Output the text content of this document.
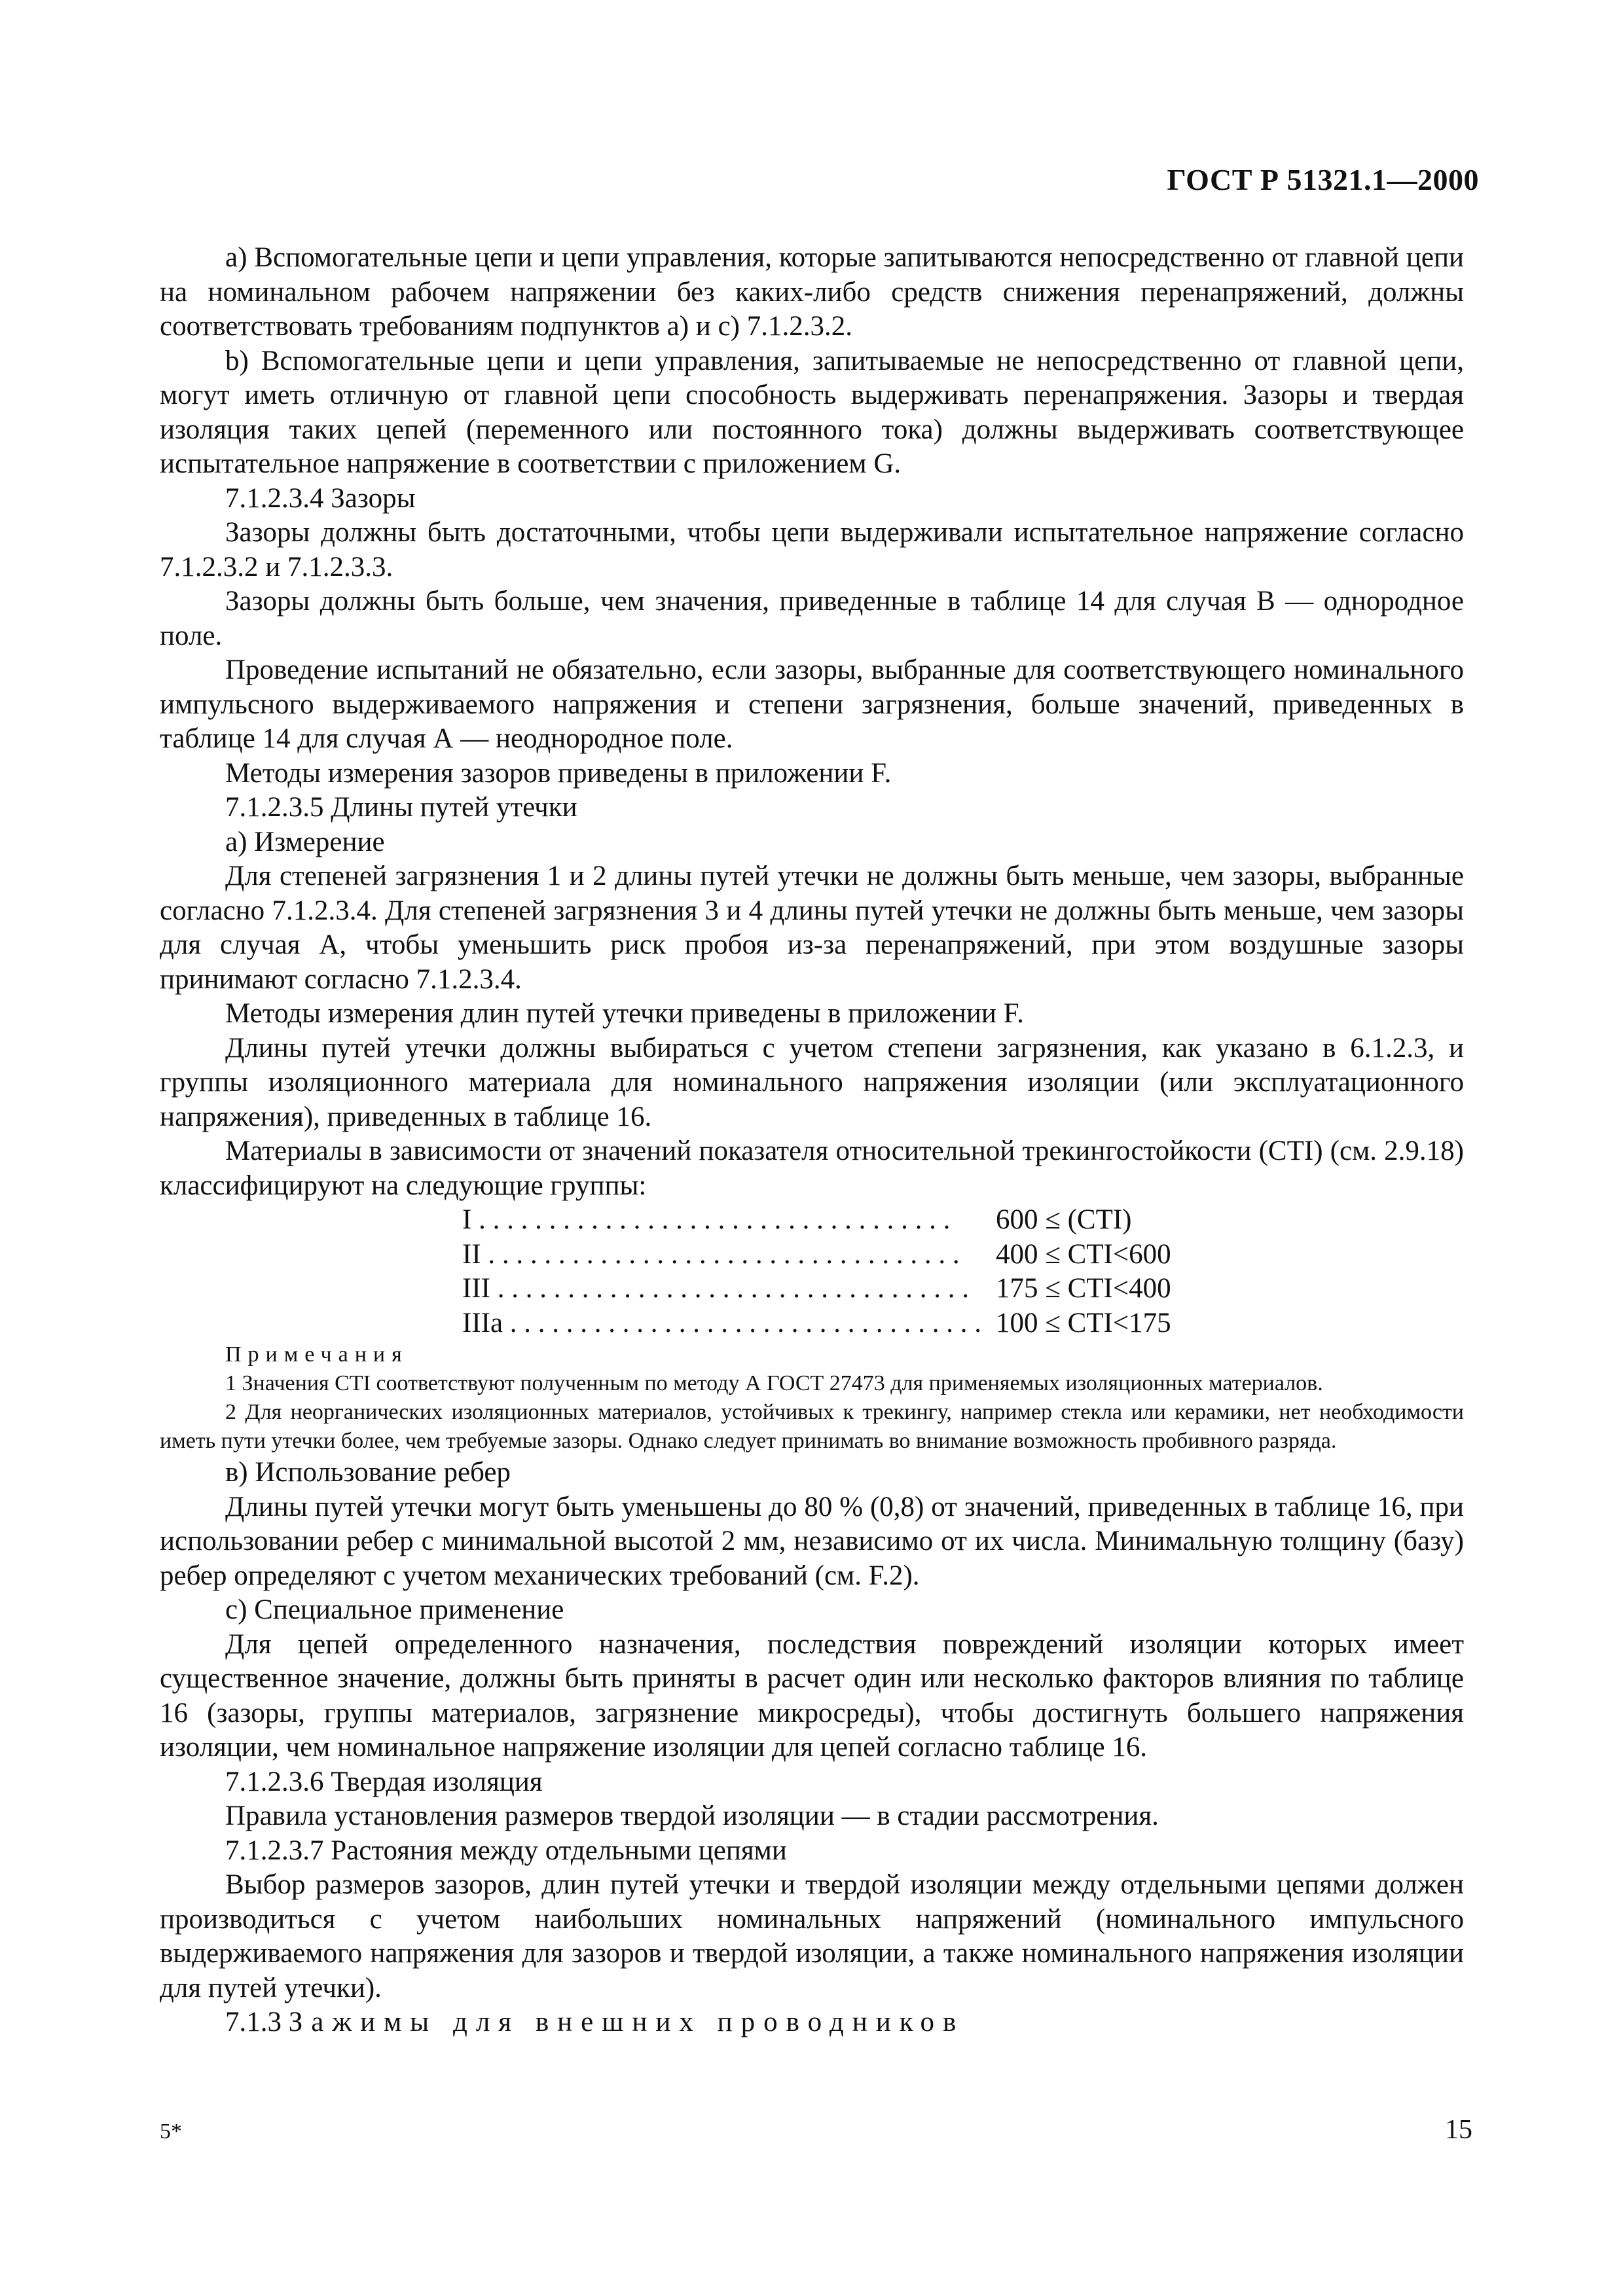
ГОСТ Р 51321.1—2000

a) Вспомогательные цепи и цепи управления, которые запитываются непосредственно от главной цепи на номинальном рабочем напряжении без каких-либо средств снижения перенапряжений, должны соответствовать требованиям подпунктов a) и c) 7.1.2.3.2.

b) Вспомогательные цепи и цепи управления, запитываемые не непосредственно от главной цепи, могут иметь отличную от главной цепи способность выдерживать перенапряжения. Зазоры и твердая изоляция таких цепей (переменного или постоянного тока) должны выдерживать соответствующее испытательное напряжение в соответствии с приложением G.

7.1.2.3.4 Зазоры

Зазоры должны быть достаточными, чтобы цепи выдерживали испытательное напряжение согласно 7.1.2.3.2 и 7.1.2.3.3.

Зазоры должны быть больше, чем значения, приведенные в таблице 14 для случая В — однородное поле.

Проведение испытаний не обязательно, если зазоры, выбранные для соответствующего номинального импульсного выдерживаемого напряжения и степени загрязнения, больше значений, приведенных в таблице 14 для случая А — неоднородное поле.

Методы измерения зазоров приведены в приложении F.

7.1.2.3.5 Длины путей утечки

a) Измерение

Для степеней загрязнения 1 и 2 длины путей утечки не должны быть меньше, чем зазоры, выбранные согласно 7.1.2.3.4. Для степеней загрязнения 3 и 4 длины путей утечки не должны быть меньше, чем зазоры для случая А, чтобы уменьшить риск пробоя из-за перенапряжений, при этом воздушные зазоры принимают согласно 7.1.2.3.4.

Методы измерения длин путей утечки приведены в приложении F.

Длины путей утечки должны выбираться с учетом степени загрязнения, как указано в 6.1.2.3, и группы изоляционного материала для номинального напряжения изоляции (или эксплуатационного напряжения), приведенных в таблице 16.

Материалы в зависимости от значений показателя относительной трекингостойкости (CTI) (см. 2.9.18) классифицируют на следующие группы:

I . . . . . . . . . . . . . . . . . . . . . . . . . . . . . . . . . .	600 ≤ (CTI)
II . . . . . . . . . . . . . . . . . . . . . . . . . . . . . . . . . .	400 ≤ CTI<600
III . . . . . . . . . . . . . . . . . . . . . . . . . . . . . . . . . . 175 ≤ CTI<400
IIIa . . . . . . . . . . . . . . . . . . . . . . . . . . . . . . . . . . 100 ≤ CTI<175

Примечания

1 Значения CTI соответствуют полученным по методу А ГОСТ 27473 для применяемых изоляционных материалов.

2 Для неорганических изоляционных материалов, устойчивых к трекингу, например стекла или керамики, нет необходимости иметь пути утечки более, чем требуемые зазоры. Однако следует принимать во внимание возможность пробивного разряда.

в) Использование ребер

Длины путей утечки могут быть уменьшены до 80 % (0,8) от значений, приведенных в таблице 16, при использовании ребер с минимальной высотой 2 мм, независимо от их числа. Минимальную толщину (базу) ребер определяют с учетом механических требований (см. F.2).

c) Специальное применение

Для цепей определенного назначения, последствия повреждений изоляции которых имеет существенное значение, должны быть приняты в расчет один или несколько факторов влияния по таблице 16 (зазоры, группы материалов, загрязнение микросреды), чтобы достигнуть большего напряжения изоляции, чем номинальное напряжение изоляции для цепей согласно таблице 16.

7.1.2.3.6 Твердая изоляция

Правила установления размеров твердой изоляции — в стадии рассмотрения.

7.1.2.3.7 Растояния между отдельными цепями

Выбор размеров зазоров, длин путей утечки и твердой изоляции между отдельными цепями должен производиться с учетом наибольших номинальных напряжений (номинального импульсного выдерживаемого напряжения для зазоров и твердой изоляции, а также номинального напряжения изоляции для путей утечки).

7.1.3 Зажимы для внешних проводников

5*	15
